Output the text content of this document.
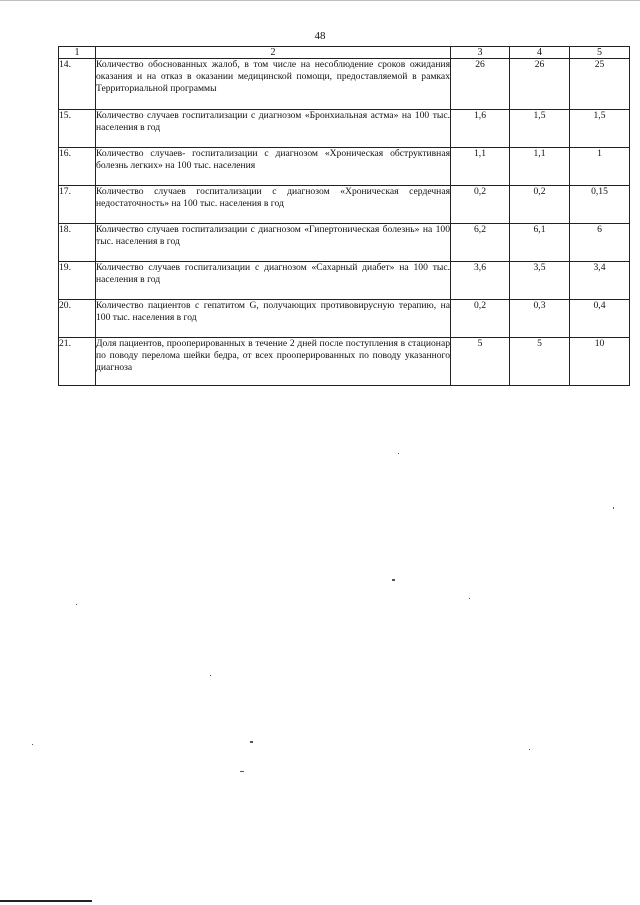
48
1	2	3	4	5
14.	Количество обоснованных жалоб, в том числе на несоблюдение сроков ожидания оказания и на отказ в оказании медицинской помощи, предоставляемой в рамках Территориальной программы	26	26	25
15.	Количество случаев госпитализации с диагнозом «Бронхиальная астма» на 100 тыс. населения в год	1,6	1,5	1,5
16.	Количество случаев- госпитализации с диагнозом «Хроническая обструктивная болезнь легких» на 100 тыс. населения	1,1	1,1	1
17.	Количество случаев госпитализации с диагнозом «Хроническая сердечная недостаточность» на 100 тыс. населения в год	0,2	0,2	0,15
18.	Количество случаев госпитализации с диагнозом «Гипертоническая болезнь» на 100 тыс. населения в год	6,2	6,1	6
19.	Количество случаев госпитализации с диагнозом «Сахарный диабет» на 100 тыс. населения в год	3,6	3,5	3,4
20.	Количество пациентов с гепатитом G, получающих противовирусную терапию, на 100 тыс. населения в год	0,2	0,3	0,4
21.	Доля пациентов, прооперированных в течение 2 дней после поступления в стационар по поводу перелома шейки бедра, от всех прооперированных по поводу указанного диагноза	5	5	10
